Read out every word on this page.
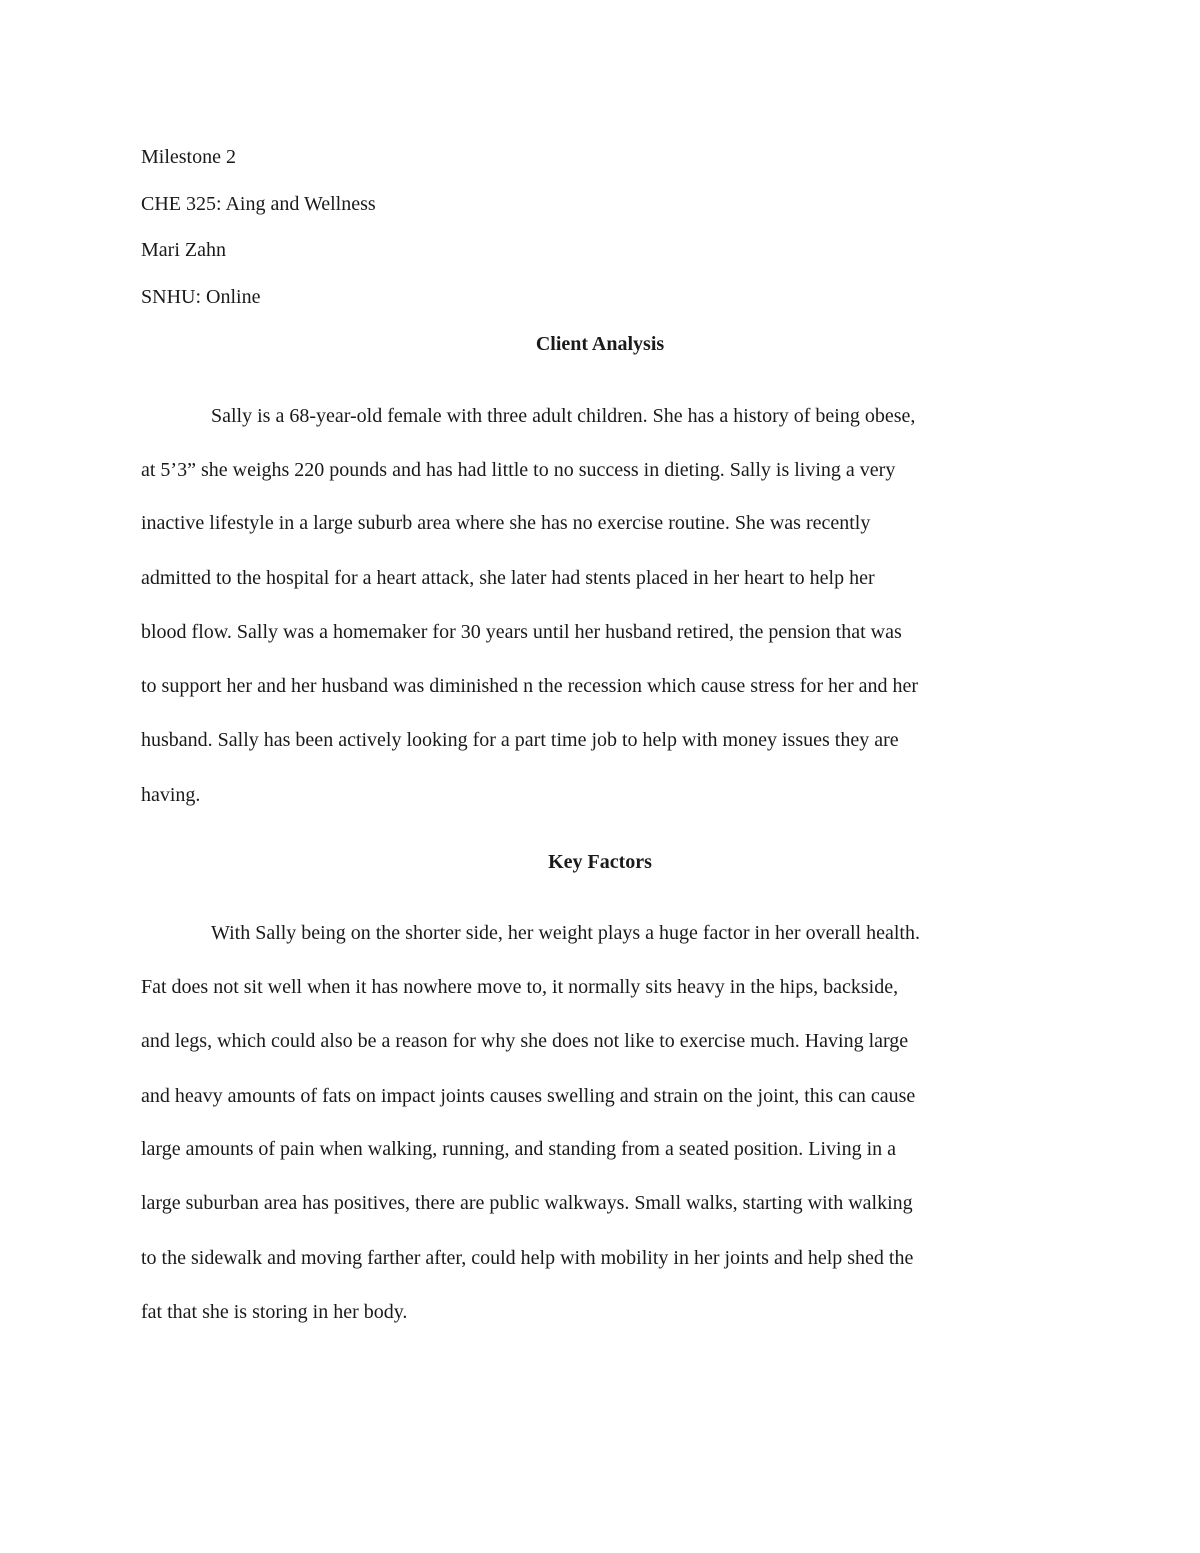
Milestone 2
CHE 325: Aing and Wellness
Mari Zahn
SNHU: Online
Client Analysis
Sally is a 68-year-old female with three adult children. She has a history of being obese,
at 5’3” she weighs 220 pounds and has had little to no success in dieting. Sally is living a very
inactive lifestyle in a large suburb area where she has no exercise routine. She was recently
admitted to the hospital for a heart attack, she later had stents placed in her heart to help her
blood flow. Sally was a homemaker for 30 years until her husband retired, the pension that was
to support her and her husband was diminished n the recession which cause stress for her and her
husband. Sally has been actively looking for a part time job to help with money issues they are
having.
Key Factors
With Sally being on the shorter side, her weight plays a huge factor in her overall health.
Fat does not sit well when it has nowhere move to, it normally sits heavy in the hips, backside,
and legs, which could also be a reason for why she does not like to exercise much. Having large
and heavy amounts of fats on impact joints causes swelling and strain on the joint, this can cause
large amounts of pain when walking, running, and standing from a seated position. Living in a
large suburban area has positives, there are public walkways. Small walks, starting with walking
to the sidewalk and moving farther after, could help with mobility in her joints and help shed the
fat that she is storing in her body.
